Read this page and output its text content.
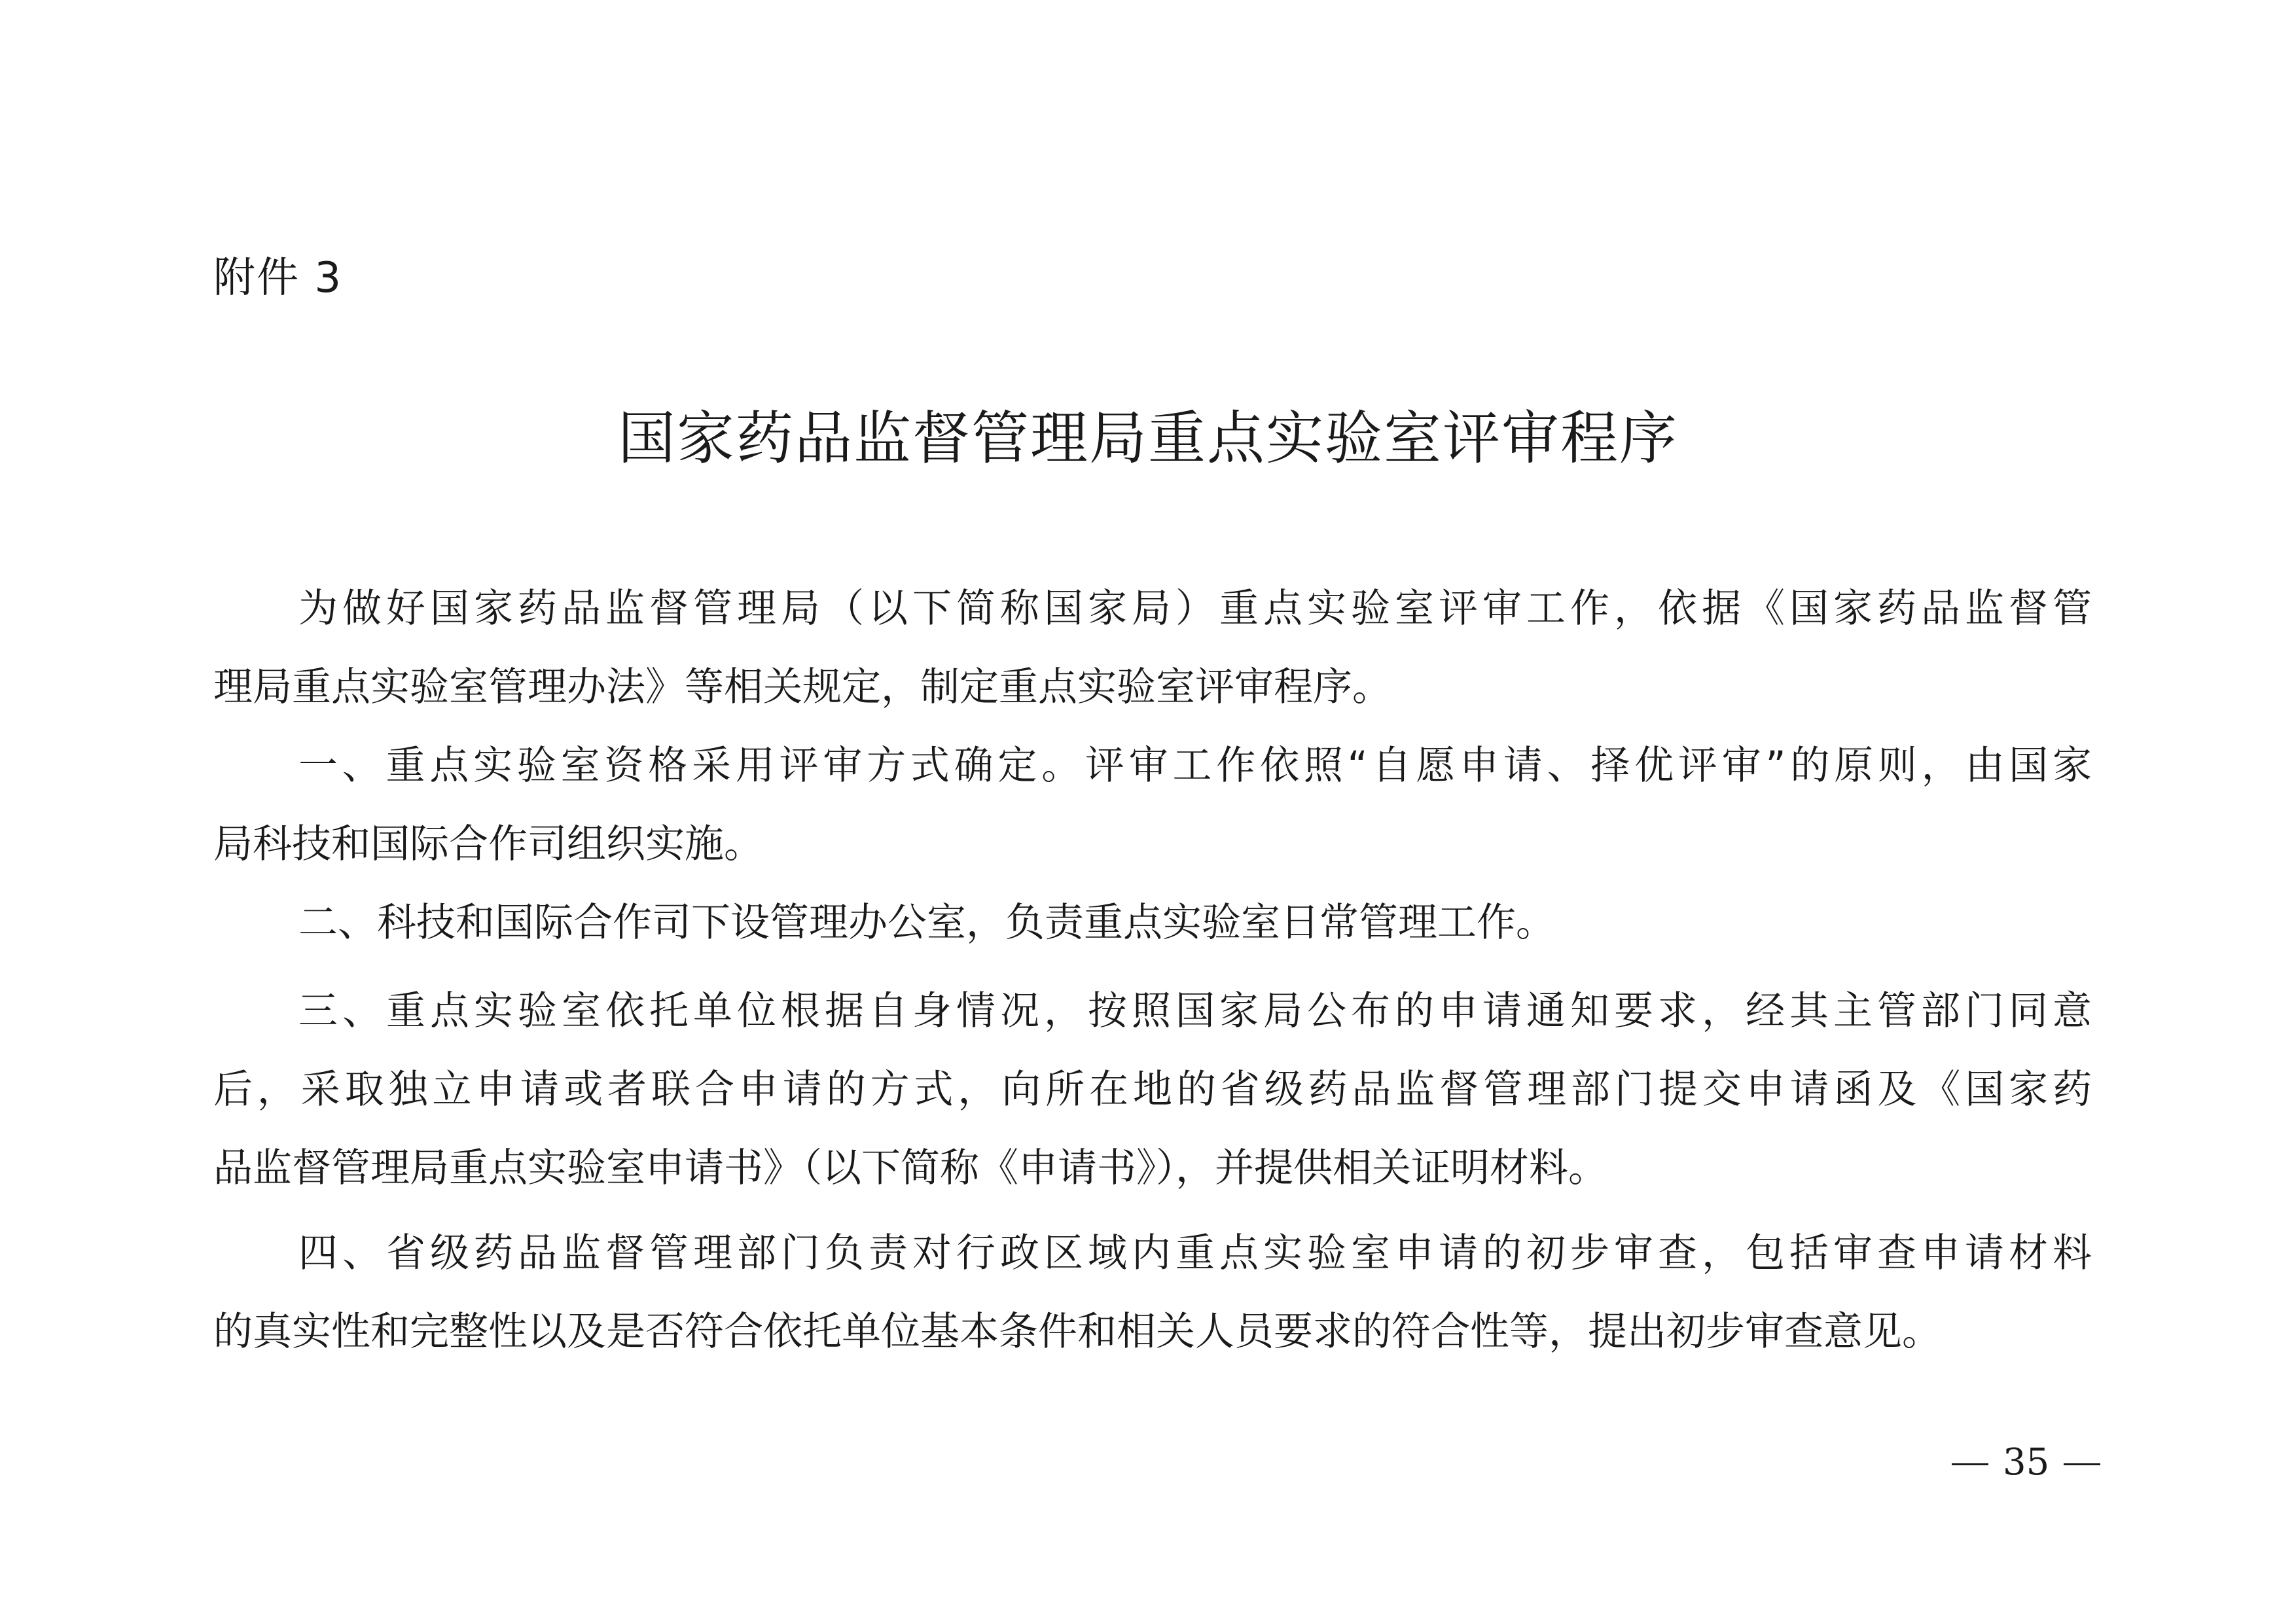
附件 3
国家药品监督管理局重点实验室评审程序
为做好国家药品监督管理局（以下简称国家局）重点实验室评审工作，依据《国家药品监督管
理局重点实验室管理办法》等相关规定，制定重点实验室评审程序。
一、重点实验室资格采用评审方式确定。评审工作依照“自愿申请、择优评审”的原则，由国家
局科技和国际合作司组织实施。
二、科技和国际合作司下设管理办公室，负责重点实验室日常管理工作。
三、重点实验室依托单位根据自身情况，按照国家局公布的申请通知要求，经其主管部门同意
后，采取独立申请或者联合申请的方式，向所在地的省级药品监督管理部门提交申请函及《国家药
品监督管理局重点实验室申请书》（以下简称《申请书》），并提供相关证明材料。
四、省级药品监督管理部门负责对行政区域内重点实验室申请的初步审查，包括审查申请材料
的真实性和完整性以及是否符合依托单位基本条件和相关人员要求的符合性等，提出初步审查意见。
35
